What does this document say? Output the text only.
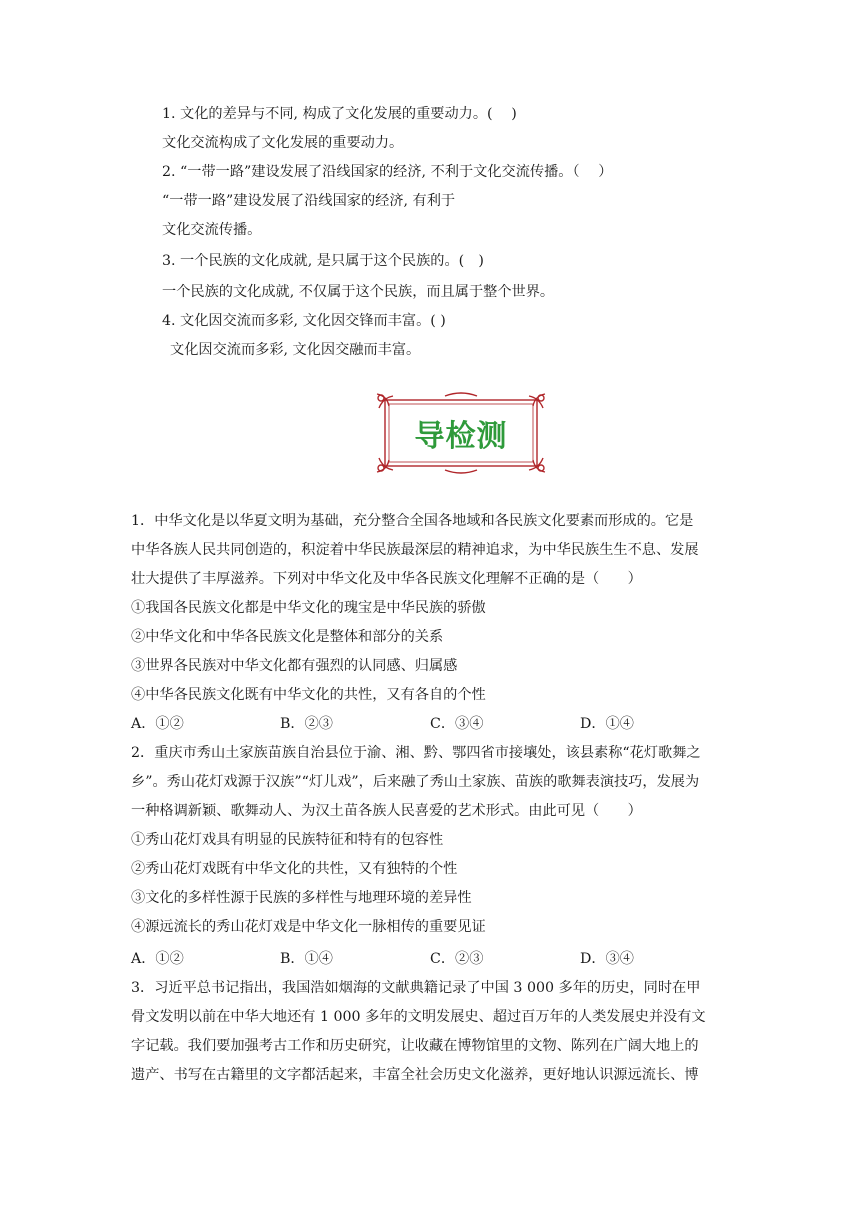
1. 文化的差异与不同, 构成了文化发展的重要动力。(　 )
文化交流构成了文化发展的重要动力。
2. “一带一路”建设发展了沿线国家的经济, 不利于文化交流传播。（　 ）
“一带一路”建设发展了沿线国家的经济, 有利于
文化交流传播。
3. 一个民族的文化成就, 是只属于这个民族的。(　)
一个民族的文化成就, 不仅属于这个民族，而且属于整个世界。
4. 文化因交流而多彩, 文化因交锋而丰富。( )
文化因交流而多彩, 文化因交融而丰富。
导检测
1．中华文化是以华夏文明为基础，充分整合全国各地域和各民族文化要素而形成的。它是
中华各族人民共同创造的，积淀着中华民族最深层的精神追求，为中华民族生生不息、发展
壮大提供了丰厚滋养。下列对中华文化及中华各民族文化理解不正确的是（　　）
①我国各民族文化都是中华文化的瑰宝是中华民族的骄傲
②中华文化和中华各民族文化是整体和部分的关系
③世界各民族对中华文化都有强烈的认同感、归属感
④中华各民族文化既有中华文化的共性，又有各自的个性
A．①②	B．②③	C．③④	D．①④
2．重庆市秀山土家族苗族自治县位于渝、湘、黔、鄂四省市接壤处，该县素称“花灯歌舞之
乡”。秀山花灯戏源于汉族”“灯儿戏”，后来融了秀山土家族、苗族的歌舞表演技巧，发展为
一种格调新颖、歌舞动人、为汉土苗各族人民喜爱的艺术形式。由此可见（　　）
①秀山花灯戏具有明显的民族特征和特有的包容性
②秀山花灯戏既有中华文化的共性，又有独特的个性
③文化的多样性源于民族的多样性与地理环境的差异性
④源远流长的秀山花灯戏是中华文化一脉相传的重要见证
A．①②	B．①④	C．②③	D．③④
3．习近平总书记指出，我国浩如烟海的文献典籍记录了中国 3 000 多年的历史，同时在甲
骨文发明以前在中华大地还有 1 000 多年的文明发展史、超过百万年的人类发展史并没有文
字记载。我们要加强考古工作和历史研究，让收藏在博物馆里的文物、陈列在广阔大地上的
遗产、书写在古籍里的文字都活起来，丰富全社会历史文化滋养，更好地认识源远流长、博
